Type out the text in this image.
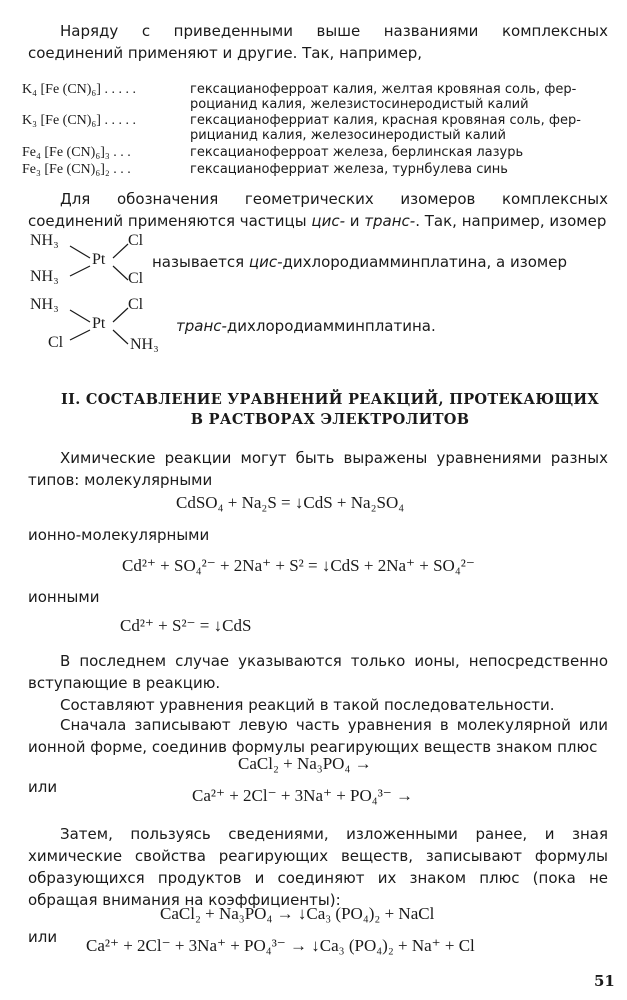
Наряду с приведенными выше названиями комплексных соединений применяют и другие. Так, например,

K₄ [Fe (CN)₆] . . . . .	гексацианоферроат калия, желтая кровяная соль, фер-
роцианид калия, железистосинеродистый калий
K₃ [Fe (CN)₆] . . . . .	гексацианоферриат калия, красная кровяная соль, фер-
рицианид калия, железосинеродистый калий
Fe₄ [Fe (CN)₆]₃ . . .	гексацианоферроат железа, берлинская лазурь
Fe₃ [Fe (CN)₆]₂ . . .	гексацианоферриат железа, турнбулева синь

Для обозначения геометрических изомеров комплексных соединений применяются частицы цис- и транс-. Так, например, изомер

NH₃
NH₃
Pt
Cl
Cl
называется цис-дихлородиамминплатина, а изомер
NH₃
Cl
Pt
Cl
NH₃
транс-дихлородиамминплатина.
II. СОСТАВЛЕНИЕ УРАВНЕНИЙ РЕАКЦИЙ, ПРОТЕКАЮЩИХ
В РАСТВОРАХ ЭЛЕКТРОЛИТОВ

Химические реакции могут быть выражены уравнениями разных типов: молекулярными

CdSO₄ + Na₂S = ↓CdS + Na₂SO₄
ионно-молекулярными
Cd²⁺ + SO₄²⁻ + 2Na⁺ + S² = ↓CdS + 2Na⁺ + SO₄²⁻
ионными
Cd²⁺ + S²⁻ = ↓CdS

В последнем случае указываются только ионы, непосредственно вступающие в реакцию.

Составляют уравнения реакций в такой последовательности.

Сначала записывают левую часть уравнения в молекулярной или ионной форме, соединив формулы реагирующих веществ знаком плюс

CaCl₂ + Na₃PO₄ →
или	Ca²⁺ + 2Cl⁻ + 3Na⁺ + PO₄³⁻ →

Затем, пользуясь сведениями, изложенными ранее, и зная химические свойства реагирующих веществ, записывают формулы образующихся продуктов и соединяют их знаком плюс (пока не обращая внимания на коэффициенты):

CaCl₂ + Na₃PO₄ → ↓Ca₃ (PO₄)₂ + NaCl
или Ca²⁺ + 2Cl⁻ + 3Na⁺ + PO₄³⁻ → ↓Ca₃ (PO₄)₂ + Na⁺ + Cl
51
